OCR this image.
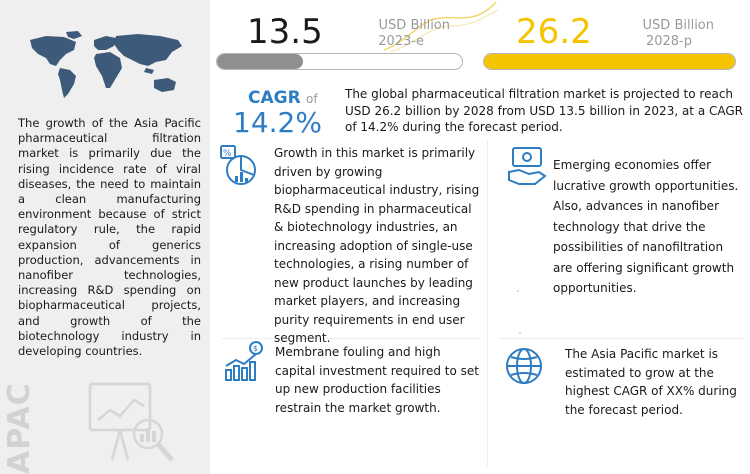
The growth of the Asia Pacific pharmaceutical filtration market is primarily due the rising incidence rate of viral diseases, the need to maintain a clean manufacturing environment because of strict regulatory rule, the rapid expansion of generics production, advancements in nanofiber technologies, increasing R&D spending on biopharmaceutical projects, and growth of the biotechnology industry in developing countries.
APAC
13.5	USD Billion
2023-e	26.2	USD Billion
2028-p
CAGR of
14.2%
The global pharmaceutical filtration market is projected to reach USD 26.2 billion by 2028 from USD 13.5 billion in 2023, at a CAGR of 14.2% during the forecast period.
%	Growth in this market is primarily driven by growing biopharmaceutical industry, rising R&D spending in pharmaceutical & biotechnology industries, an increasing adoption of single-use technologies, a rising number of new product launches by leading market players, and increasing purity requirements in end user segment.
Emerging economies offer lucrative growth opportunities. Also, advances in nanofiber technology that drive the possibilities of nanofiltration are offering significant growth opportunities.
$ Membrane fouling and high capital investment required to set up new production facilities restrain the market growth.
The Asia Pacific market is estimated to grow at the highest CAGR of XX% during the forecast period.
